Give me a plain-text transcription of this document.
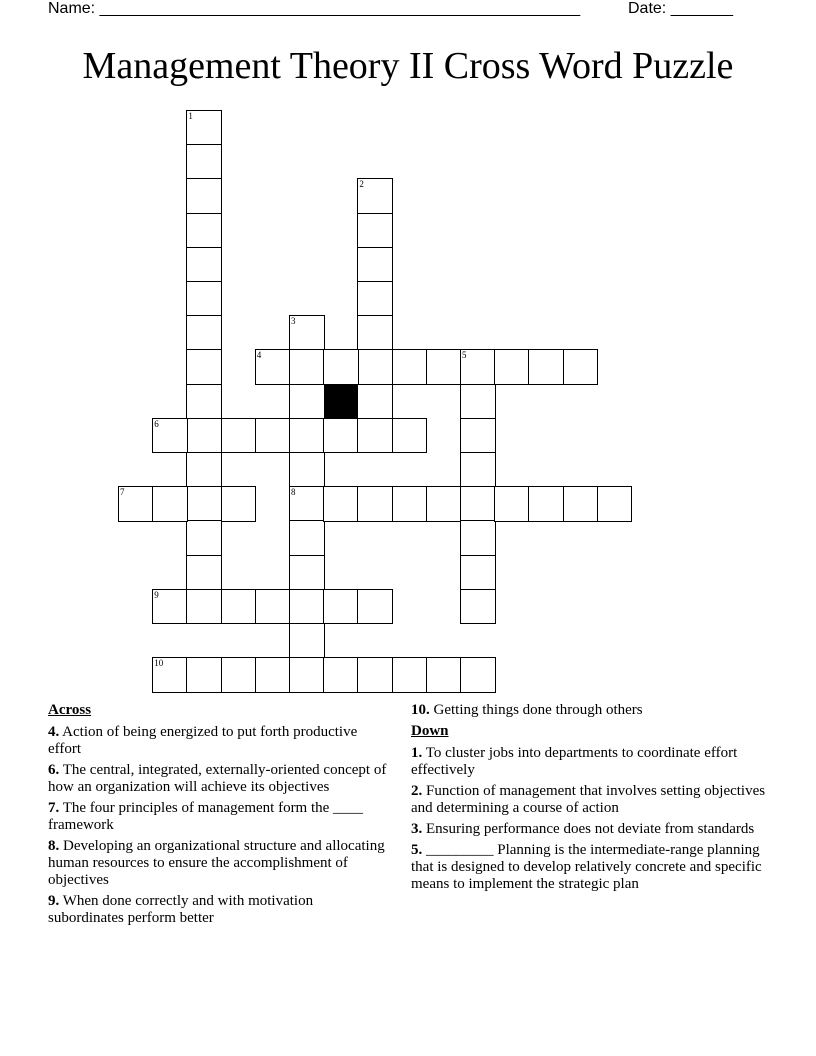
Name: ______________________________________________________	Date: _______
Management Theory II Cross Word Puzzle
1
2
3
8
4	5
6
7
9
10
Across
4. Action of being energized to put forth productive effort
6. The central, integrated, externally-oriented concept of how an organization will achieve its objectives
7. The four principles of management form the ____ framework
8. Developing an organizational structure and allocating human resources to ensure the accomplishment of objectives
9. When done correctly and with motivation subordinates perform better
10. Getting things done through others
Down
1. To cluster jobs into departments to coordinate effort effectively
2. Function of management that involves setting objectives and determining a course of action
3. Ensuring performance does not deviate from standards
5. _________ Planning is the intermediate-range planning that is designed to develop relatively concrete and specific means to implement the strategic plan
